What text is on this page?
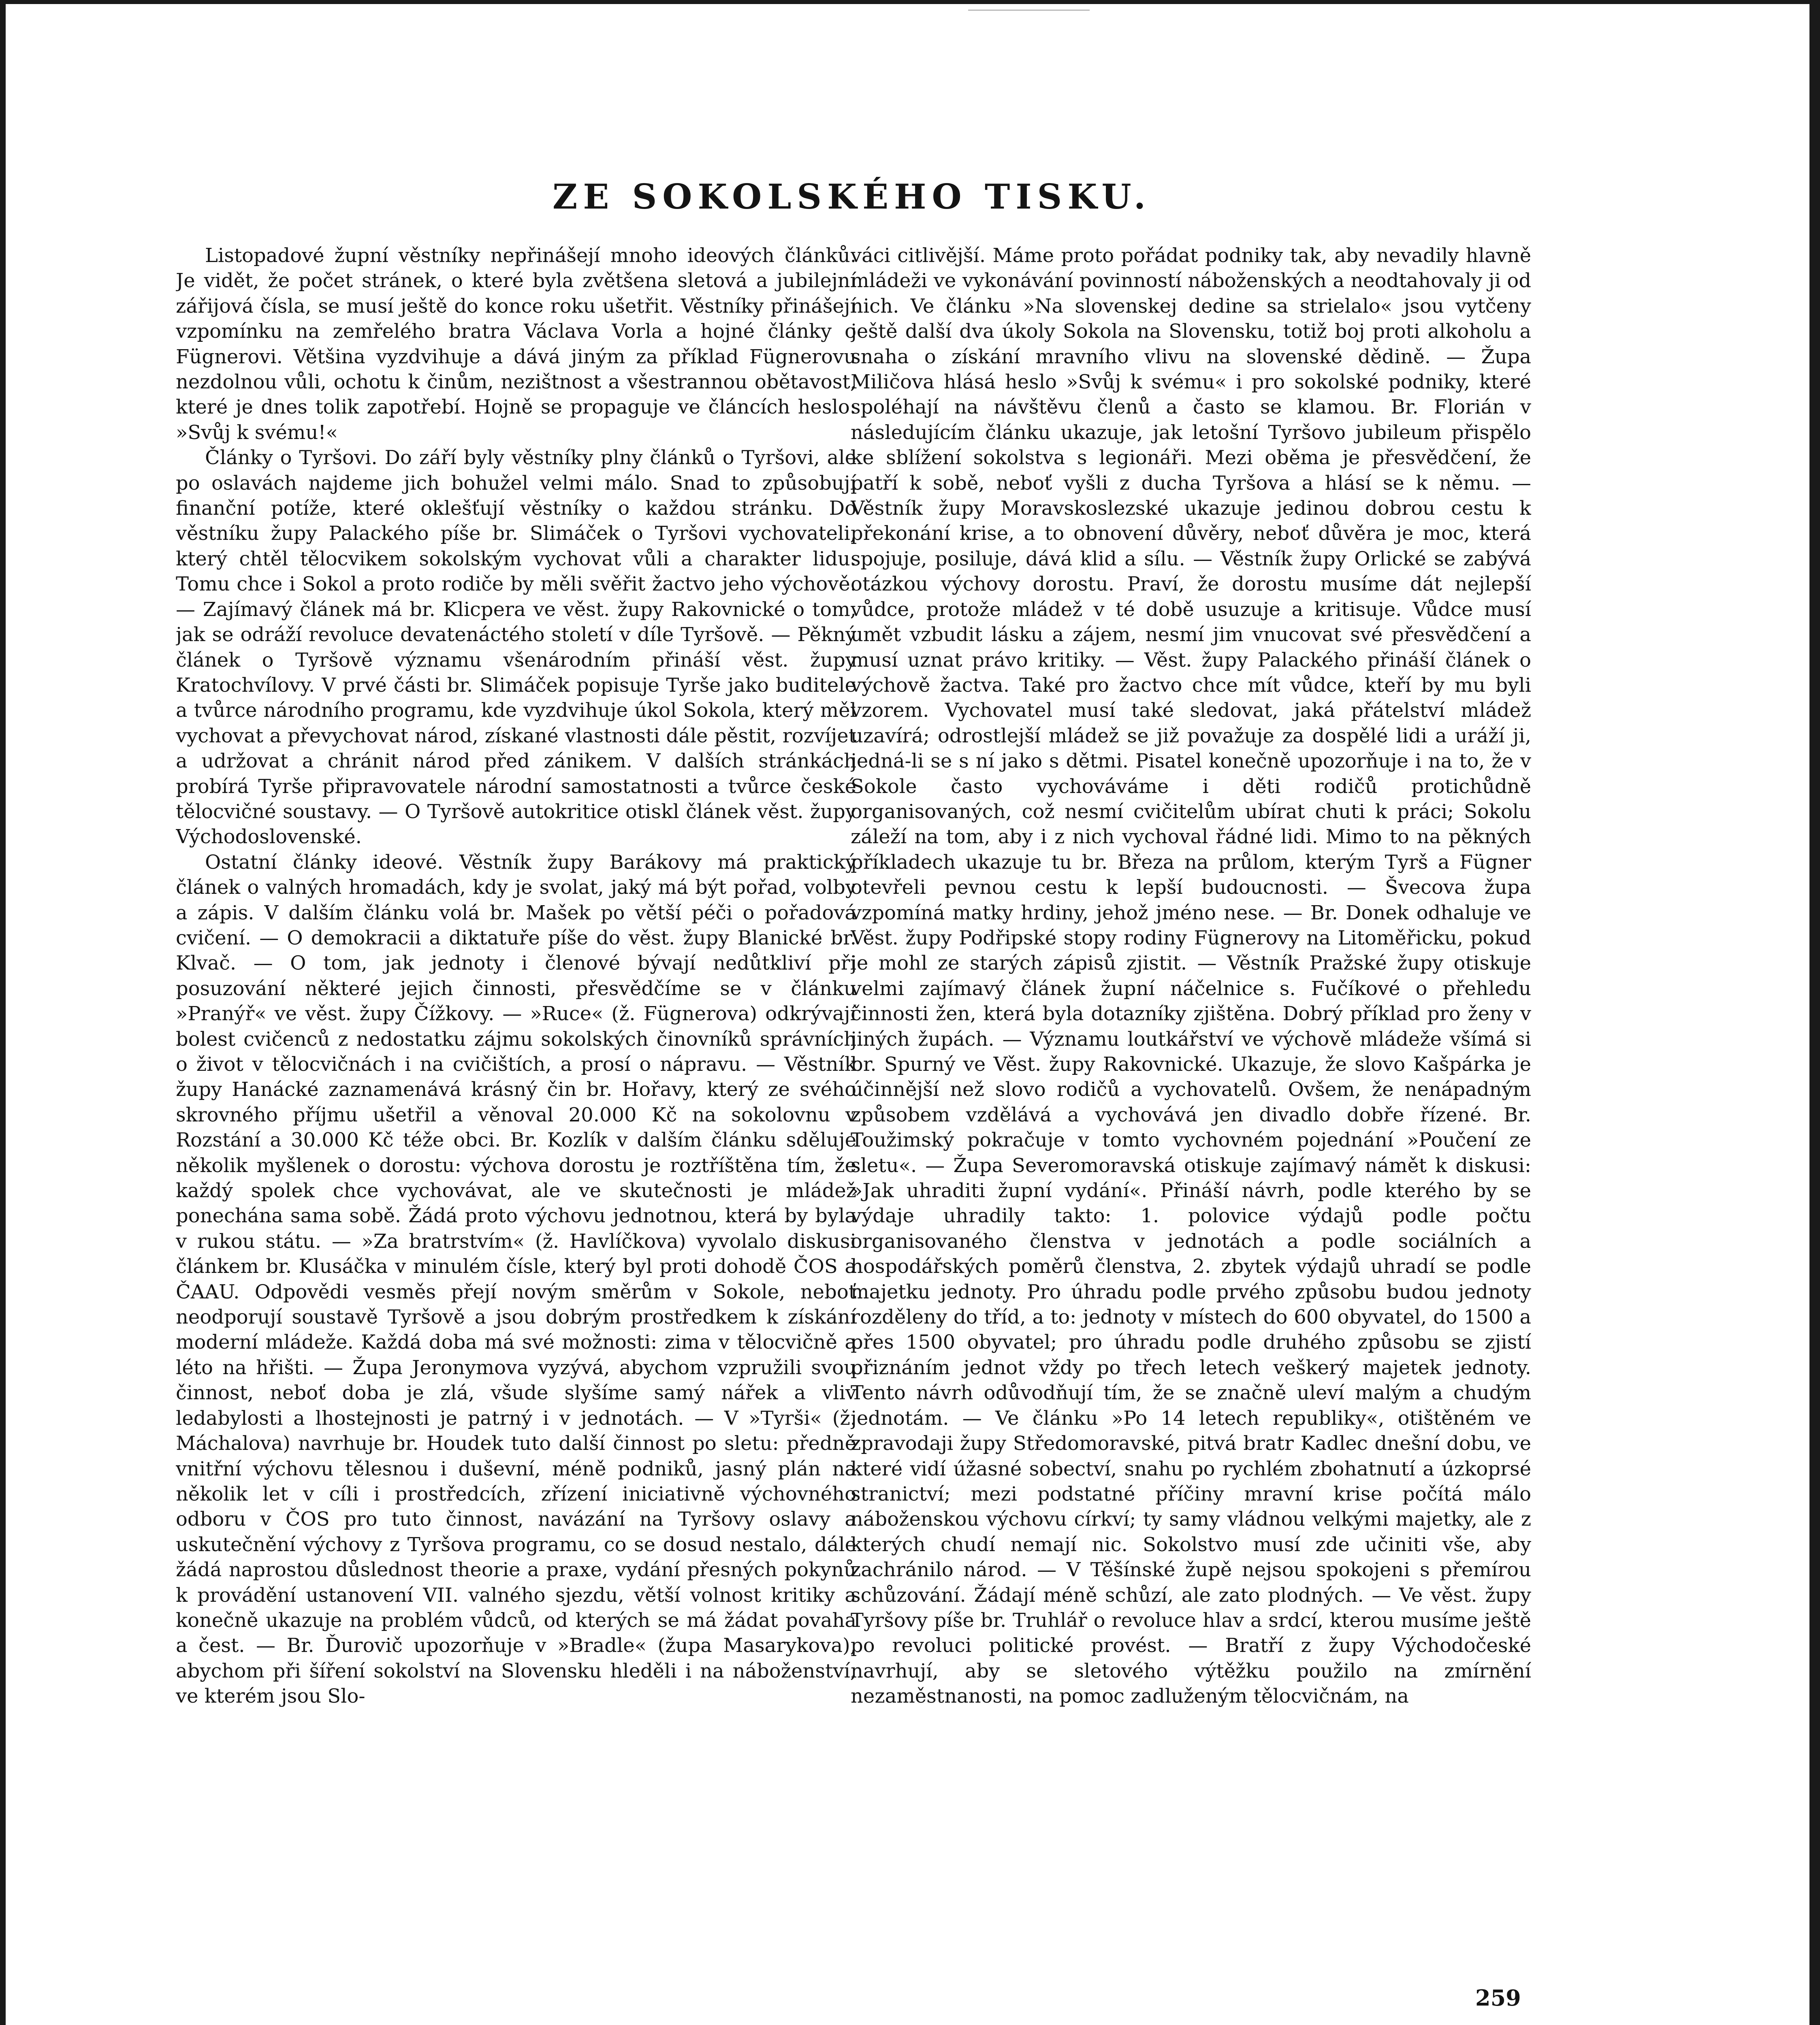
ZE SOKOLSKÉHO TISKU.

Listopadové župní věstníky nepřinášejí mnoho ideových článků. Je vidět, že počet stránek, o které byla zvětšena sletová a jubilejní zářijová čísla, se musí ještě do konce roku ušetřit. Věstníky přinášejí vzpomínku na zemřelého bratra Václava Vorla a hojné články o Fügnerovi. Většina vyzdvihuje a dává jiným za příklad Fügnerovu nezdolnou vůli, ochotu k činům, nezištnost a všestrannou obětavost, které je dnes tolik zapotřebí. Hojně se propaguje ve článcích heslo: »Svůj k svému!«

Články o Tyršovi. Do září byly věstníky plny článků o Tyršovi, ale po oslavách najdeme jich bohužel velmi málo. Snad to způsobují finanční potíže, které oklešťují věstníky o každou stránku. Do věstníku župy Palackého píše br. Slimáček o Tyršovi vychovateli, který chtěl tělocvikem sokolským vychovat vůli a charakter lidu. Tomu chce i Sokol a proto rodiče by měli svěřit žactvo jeho výchově. — Zajímavý článek má br. Klicpera ve věst. župy Rakovnické o tom, jak se odráží revoluce devatenáctého století v díle Tyršově. — Pěkný článek o Tyršově významu všenárodním přináší věst. župy Kratochvílovy. V prvé části br. Slimáček popisuje Tyrše jako buditele a tvůrce národního programu, kde vyzdvihuje úkol Sokola, který měl vychovat a převychovat národ, získané vlastnosti dále pěstit, rozvíjet a udržovat a chránit národ před zánikem. V dalších stránkách probírá Tyrše připravovatele národní samostatnosti a tvůrce české tělocvičné soustavy. — O Tyršově autokritice otiskl článek věst. župy Východoslovenské.

Ostatní články ideové. Věstník župy Barákovy má praktický článek o valných hromadách, kdy je svolat, jaký má být pořad, volby a zápis. V dalším článku volá br. Mašek po větší péči o pořadová cvičení. — O demokracii a diktatuře píše do věst. župy Blanické br. Klvač. — O tom, jak jednoty i členové bývají nedůtkliví při posuzování některé jejich činnosti, přesvědčíme se v článku »Pranýř« ve věst. župy Čížkovy. — »Ruce« (ž. Fügnerova) odkrývají bolest cvičenců z nedostatku zájmu sokolských činovníků správních o život v tělocvičnách i na cvičištích, a prosí o nápravu. — Věstník župy Hanácké zaznamenává krásný čin br. Hořavy, který ze svého skrovného příjmu ušetřil a věnoval 20.000 Kč na sokolovnu v Rozstání a 30.000 Kč téže obci. Br. Kozlík v dalším článku sděluje několik myšlenek o dorostu: výchova dorostu je roztříštěna tím, že každý spolek chce vychovávat, ale ve skutečnosti je mládež ponechána sama sobě. Žádá proto výchovu jednotnou, která by byla v rukou státu. — »Za bratrstvím« (ž. Havlíčkova) vyvolalo diskusi článkem br. Klusáčka v minulém čísle, který byl proti dohodě ČOS a ČAAU. Odpovědi vesměs přejí novým směrům v Sokole, neboť neodporují soustavě Tyršově a jsou dobrým prostředkem k získání moderní mládeže. Každá doba má své možnosti: zima v tělocvičně a léto na hřišti. — Župa Jeronymova vyzývá, abychom vzpružili svou činnost, neboť doba je zlá, všude slyšíme samý nářek a vliv ledabylosti a lhostejnosti je patrný i v jednotách. — V »Tyrši« (ž. Máchalova) navrhuje br. Houdek tuto další činnost po sletu: předně vnitřní výchovu tělesnou i duševní, méně podniků, jasný plán na několik let v cíli i prostředcích, zřízení iniciativně výchovného odboru v ČOS pro tuto činnost, navázání na Tyršovy oslavy a uskutečnění výchovy z Tyršova programu, co se dosud nestalo, dále žádá naprostou důslednost theorie a praxe, vydání přesných pokynů k provádění ustanovení VII. valného sjezdu, větší volnost kritiky a konečně ukazuje na problém vůdců, od kterých se má žádat povaha a čest. — Br. Ďurovič upozorňuje v »Bradle« (župa Masarykova), abychom při šíření sokolství na Slovensku hleděli i na náboženství, ve kterém jsou Slo-

váci citlivější. Máme proto pořádat podniky tak, aby nevadily hlavně mládeži ve vykonávání povinností náboženských a neodtahovaly ji od nich. Ve článku »Na slovenskej dedine sa strielalo« jsou vytčeny ještě další dva úkoly Sokola na Slovensku, totiž boj proti alkoholu a snaha o získání mravního vlivu na slovenské dědině. — Župa Miličova hlásá heslo »Svůj k svému« i pro sokolské podniky, které spoléhají na návštěvu členů a často se klamou. Br. Florián v následujícím článku ukazuje, jak letošní Tyršovo jubileum přispělo ke sblížení sokolstva s legionáři. Mezi oběma je přesvědčení, že patří k sobě, neboť vyšli z ducha Tyršova a hlásí se k němu. — Věstník župy Moravskoslezské ukazuje jedinou dobrou cestu k překonání krise, a to obnovení důvěry, neboť důvěra je moc, která spojuje, posiluje, dává klid a sílu. — Věstník župy Orlické se zabývá otázkou výchovy dorostu. Praví, že dorostu musíme dát nejlepší vůdce, protože mládež v té době usuzuje a kritisuje. Vůdce musí umět vzbudit lásku a zájem, nesmí jim vnucovat své přesvědčení a musí uznat právo kritiky. — Věst. župy Palackého přináší článek o výchově žactva. Také pro žactvo chce mít vůdce, kteří by mu byli vzorem. Vychovatel musí také sledovat, jaká přátelství mládež uzavírá; odrostlejší mládež se již považuje za dospělé lidi a uráží ji, jedná-li se s ní jako s dětmi. Pisatel konečně upozorňuje i na to, že v Sokole často vychováváme i děti rodičů protichůdně organisovaných, což nesmí cvičitelům ubírat chuti k práci; Sokolu záleží na tom, aby i z nich vychoval řádné lidi. Mimo to na pěkných příkladech ukazuje tu br. Březa na průlom, kterým Tyrš a Fügner otevřeli pevnou cestu k lepší budoucnosti. — Švecova župa vzpomíná matky hrdiny, jehož jméno nese. — Br. Donek odhaluje ve Věst. župy Podřipské stopy rodiny Fügnerovy na Litoměřicku, pokud je mohl ze starých zápisů zjistit. — Věstník Pražské župy otiskuje velmi zajímavý článek župní náčelnice s. Fučíkové o přehledu činnosti žen, která byla dotazníky zjištěna. Dobrý příklad pro ženy v jiných župách. — Významu loutkářství ve výchově mládeže všímá si br. Spurný ve Věst. župy Rakovnické. Ukazuje, že slovo Kašpárka je účinnější než slovo rodičů a vychovatelů. Ovšem, že nenápadným způsobem vzdělává a vychovává jen divadlo dobře řízené. Br. Toužimský pokračuje v tomto vychovném pojednání »Poučení ze sletu«. — Župa Severomoravská otiskuje zajímavý námět k diskusi: »Jak uhraditi župní vydání«. Přináší návrh, podle kterého by se výdaje uhradily takto: 1. polovice výdajů podle počtu organisovaného členstva v jednotách a podle sociálních a hospodářských poměrů členstva, 2. zbytek výdajů uhradí se podle majetku jednoty. Pro úhradu podle prvého způsobu budou jednoty rozděleny do tříd, a to: jednoty v místech do 600 obyvatel, do 1500 a přes 1500 obyvatel; pro úhradu podle druhého způsobu se zjistí přiznáním jednot vždy po třech letech veškerý majetek jednoty. Tento návrh odůvodňují tím, že se značně uleví malým a chudým jednotám. — Ve článku »Po 14 letech republiky«, otištěném ve zpravodaji župy Středomoravské, pitvá bratr Kadlec dnešní dobu, ve které vidí úžasné sobectví, snahu po rychlém zbohatnutí a úzkoprsé stranictví; mezi podstatné příčiny mravní krise počítá málo náboženskou výchovu církví; ty samy vládnou velkými majetky, ale z kterých chudí nemají nic. Sokolstvo musí zde učiniti vše, aby zachránilo národ. — V Těšínské župě nejsou spokojeni s přemírou schůzování. Žádají méně schůzí, ale zato plodných. — Ve věst. župy Tyršovy píše br. Truhlář o revoluce hlav a srdcí, kterou musíme ještě po revoluci politické provést. — Bratří z župy Východočeské navrhují, aby se sletového výtěžku použilo na zmírnění nezaměstnanosti, na pomoc zadluženým tělocvičnám, na

259
